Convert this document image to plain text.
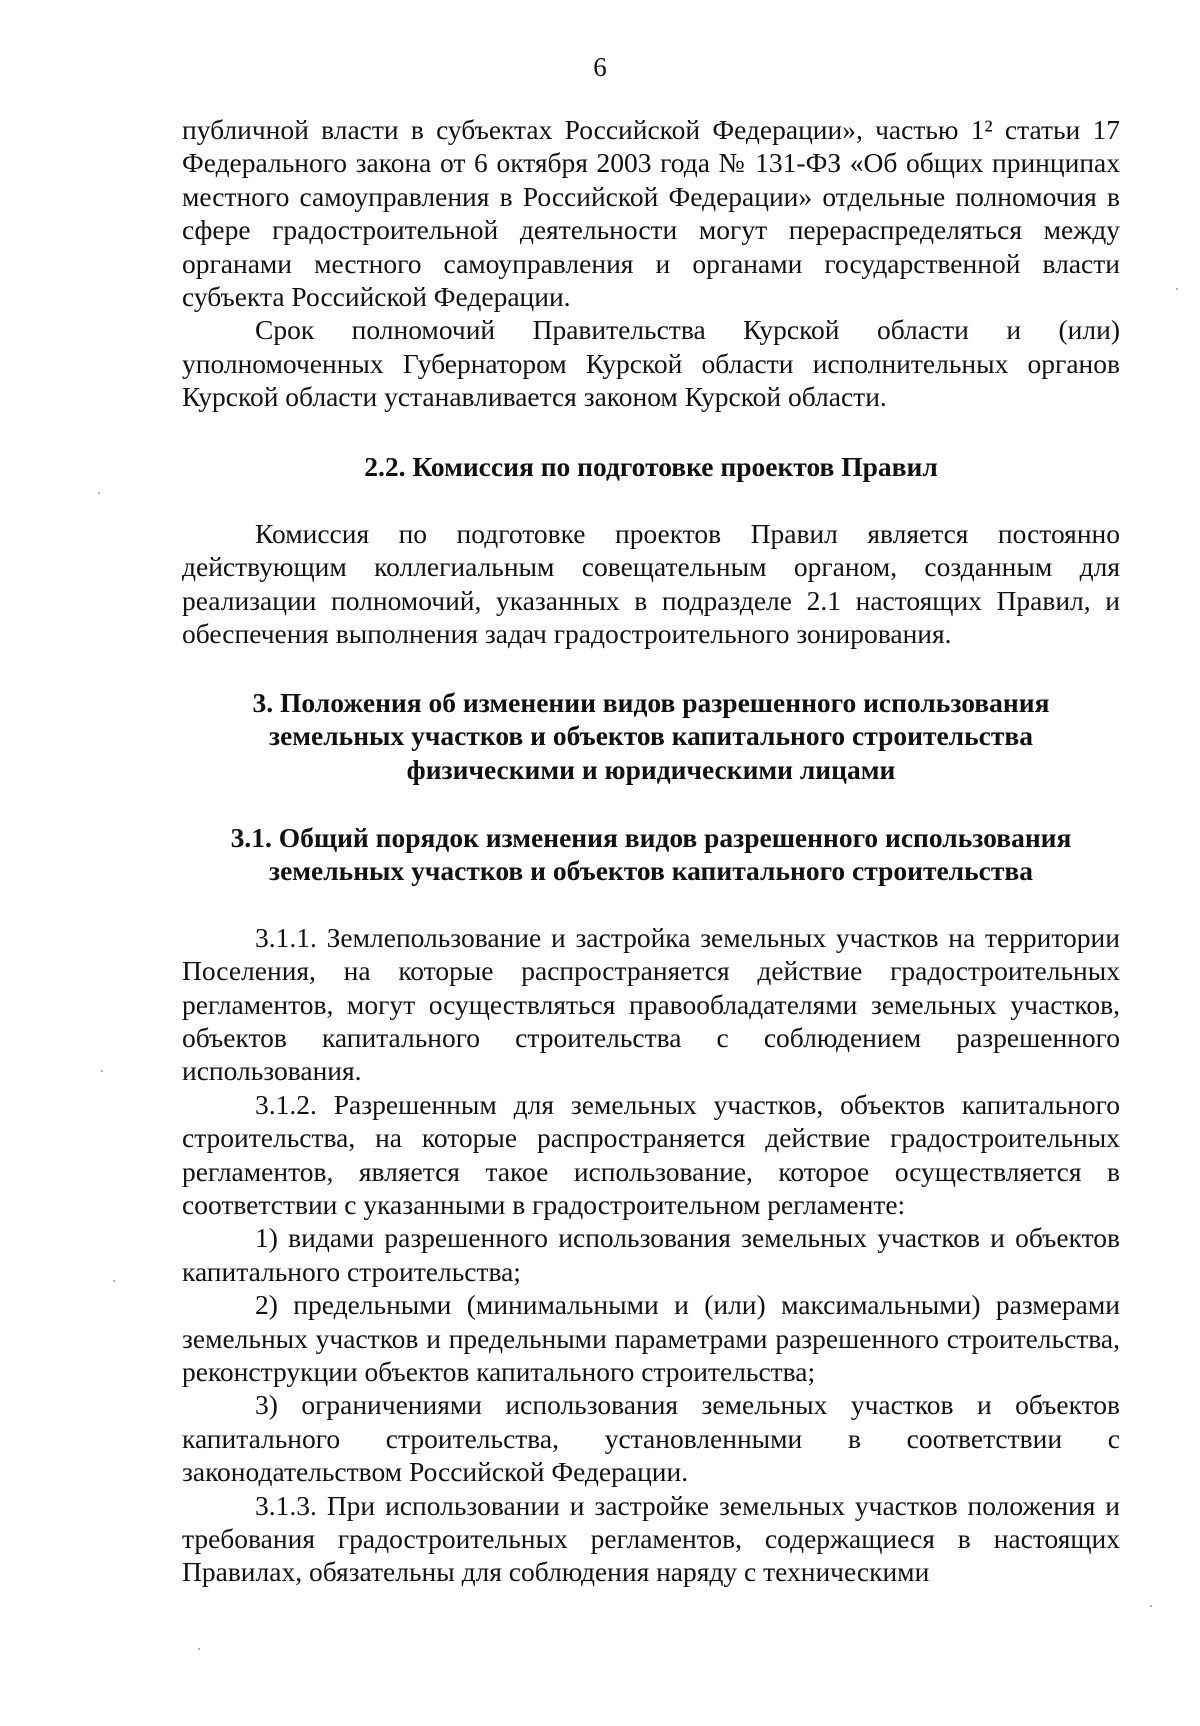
6

публичной власти в субъектах Российской Федерации», частью 1² статьи 17 Федерального закона от 6 октября 2003 года № 131-ФЗ «Об общих принципах местного самоуправления в Российской Федерации» отдельные полномочия в сфере градостроительной деятельности могут перераспределяться между органами местного самоуправления и органами государственной власти субъекта Российской Федерации.

Срок полномочий Правительства Курской области и (или) уполномоченных Губернатором Курской области исполнительных органов Курской области устанавливается законом Курской области.

2.2. Комиссия по подготовке проектов Правил

Комиссия по подготовке проектов Правил является постоянно действующим коллегиальным совещательным органом, созданным для реализации полномочий, указанных в подразделе 2.1 настоящих Правил, и обеспечения выполнения задач градостроительного зонирования.

3. Положения об изменении видов разрешенного использования

земельных участков и объектов капитального строительства

физическими и юридическими лицами

3.1. Общий порядок изменения видов разрешенного использования

земельных участков и объектов капитального строительства

3.1.1. Землепользование и застройка земельных участков на территории Поселения, на которые распространяется действие градостроительных регламентов, могут осуществляться правообладателями земельных участков, объектов капитального строительства с соблюдением разрешенного использования.

3.1.2. Разрешенным для земельных участков, объектов капитального строительства, на которые распространяется действие градостроительных регламентов, является такое использование, которое осуществляется в соответствии с указанными в градостроительном регламенте:

1) видами разрешенного использования земельных участков и объектов капитального строительства;

2) предельными (минимальными и (или) максимальными) размерами земельных участков и предельными параметрами разрешенного строительства, реконструкции объектов капитального строительства;

3) ограничениями использования земельных участков и объектов капитального строительства, установленными в соответствии с законодательством Российской Федерации.

3.1.3. При использовании и застройке земельных участков положения и требования градостроительных регламентов, содержащиеся в настоящих Правилах, обязательны для соблюдения наряду с техническими
